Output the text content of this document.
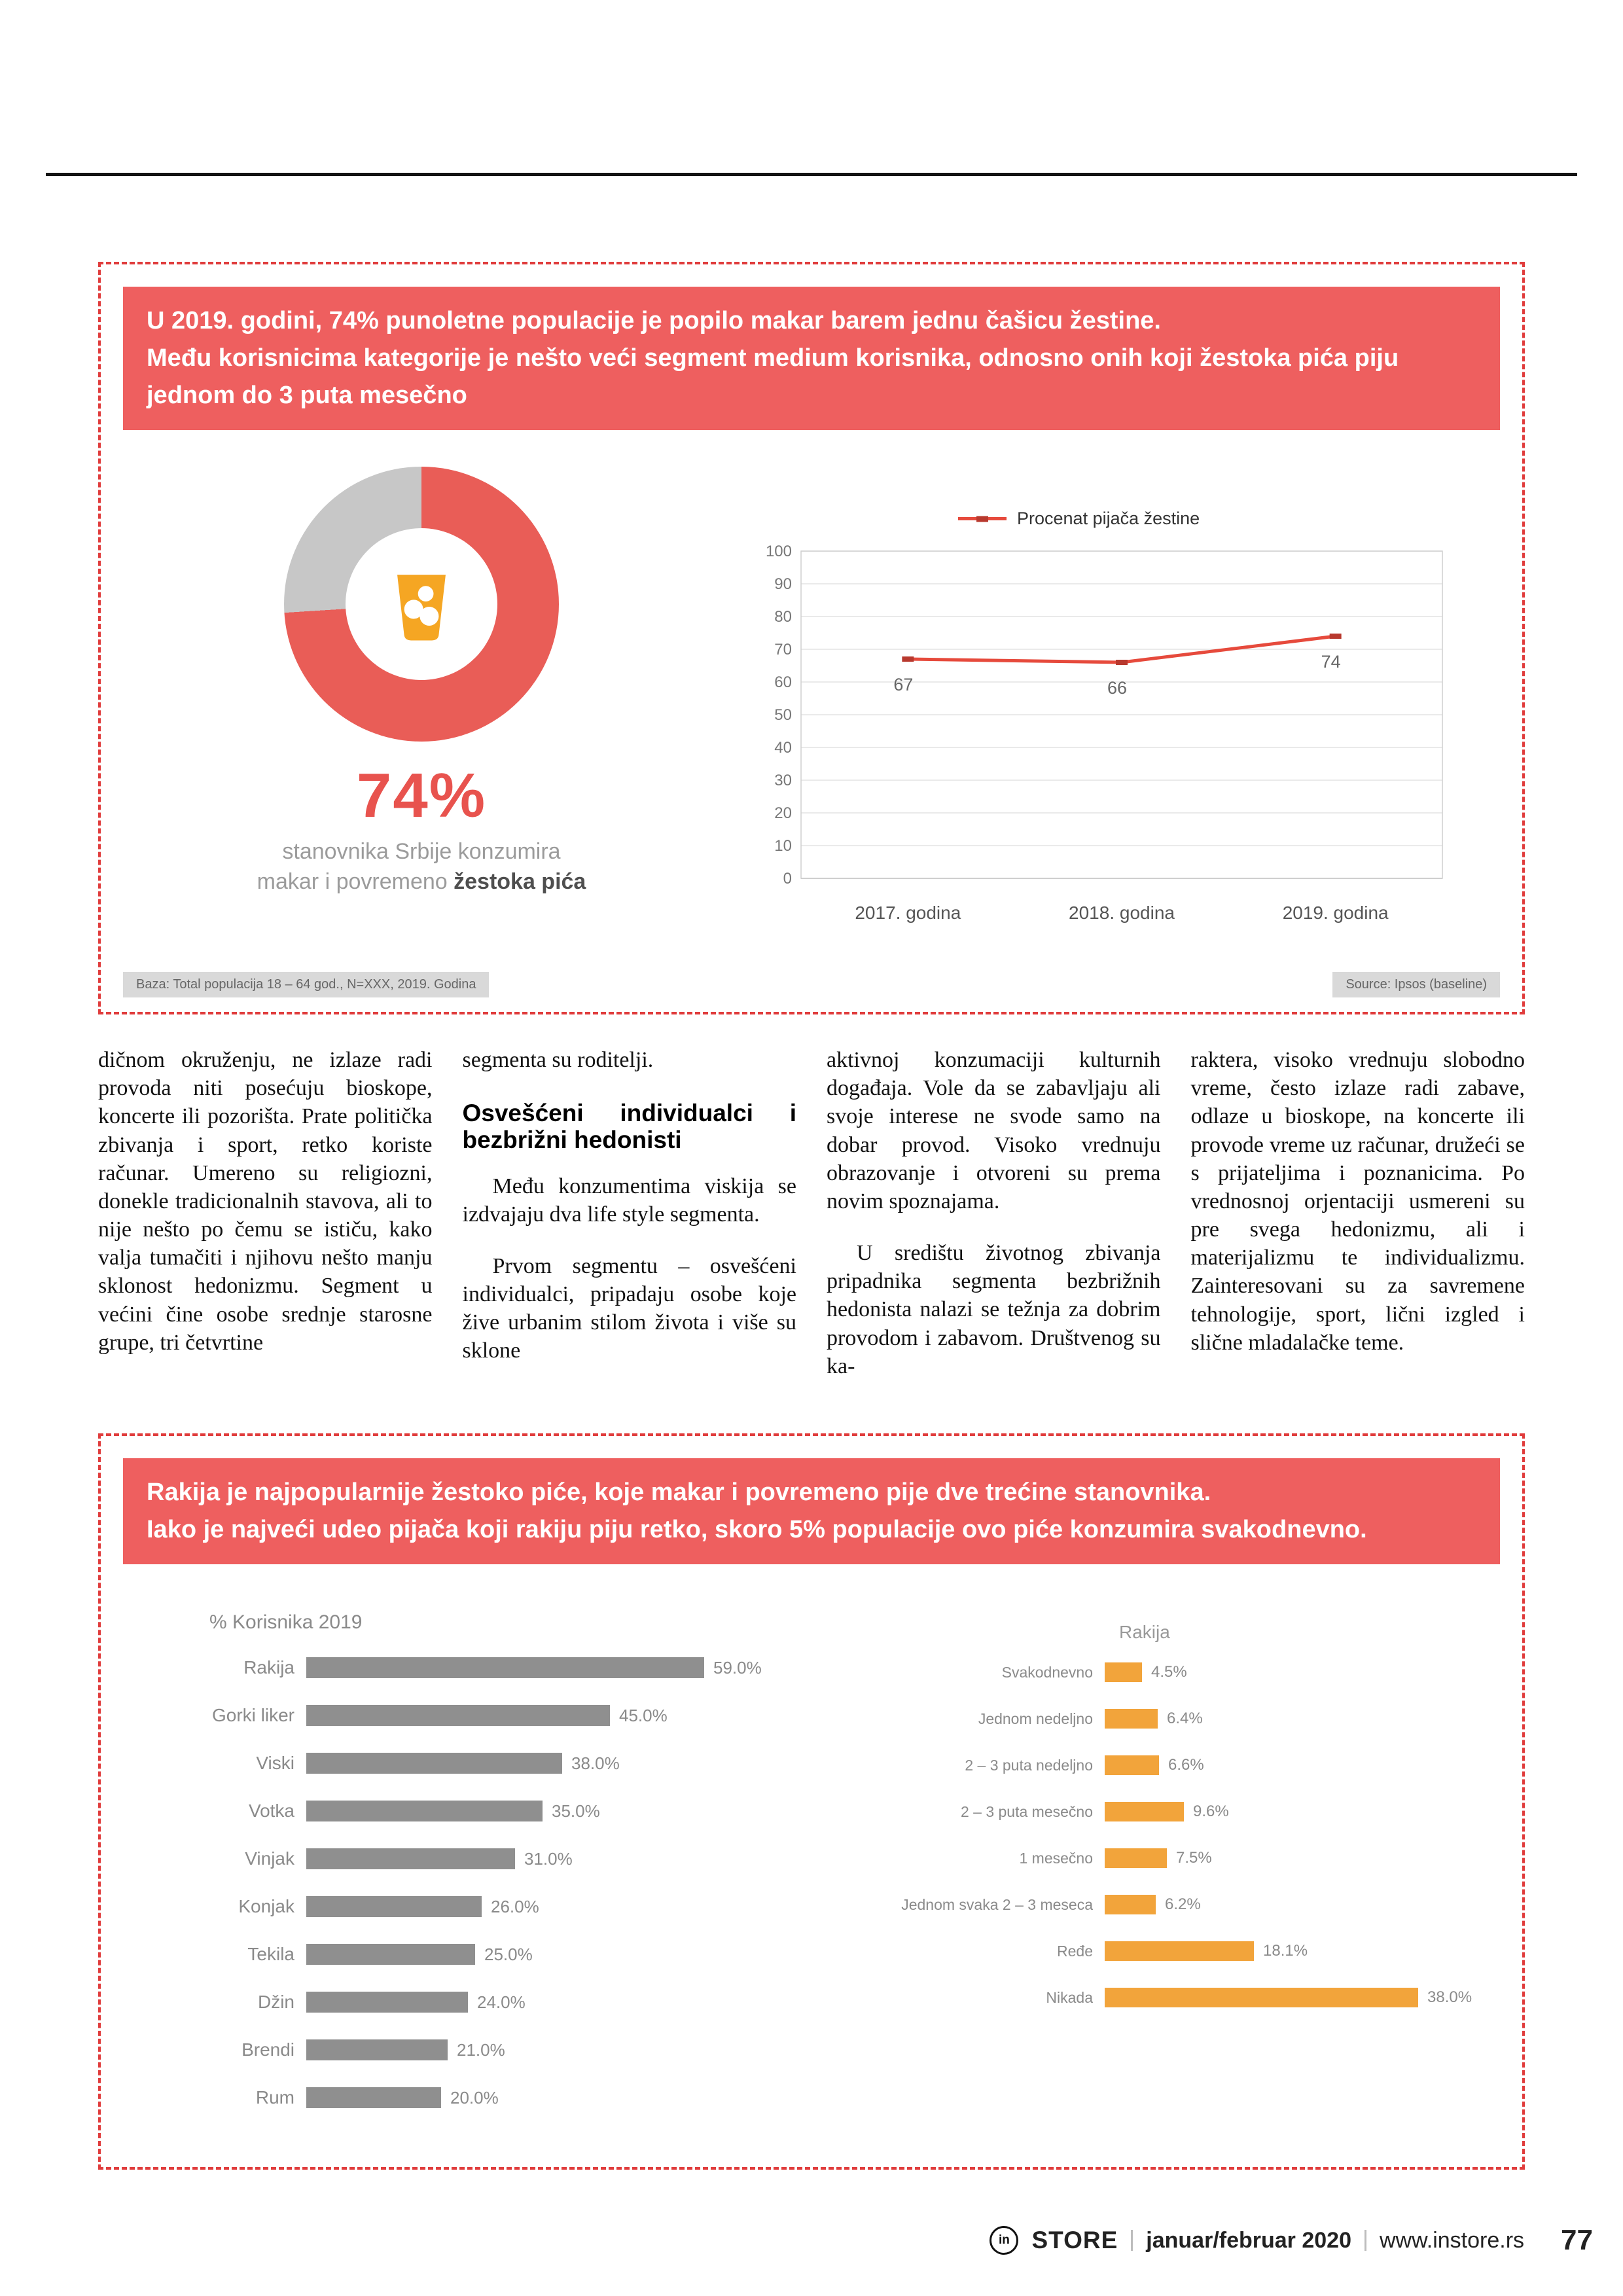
U 2019. godini, 74% punoletne populacije je popilo makar barem jednu čašicu žestine.
Među korisnicima kategorije je nešto veći segment medium korisnika, odnosno onih koji žestoka pića piju jednom do 3 puta mesečno
74%
stanovnika Srbije konzumira
makar i povremeno žestoka pića
Procenat pijača žestine
0
10
20
30
40
50
60
70
80
90
100
67
2017. godina
66
2018. godina
74
2019. godina
Baza: Total populacija 18 – 64 god., N=XXX, 2019. Godina	Source: Ipsos (baseline)

dičnom okruženju, ne izlaze radi provoda niti posećuju bioskope, koncerte ili pozorišta. Prate politička zbivanja i sport, retko koriste računar. Umereno su religiozni, donekle tradicionalnih stavova, ali to nije nešto po čemu se ističu, kako valja tumačiti i njihovu nešto manju sklonost hedonizmu. Segment u većini čine osobe srednje starosne grupe, tri četvrtine

segmenta su roditelji.

Osvešćeni individualci i bezbrižni hedonisti

Među konzumentima viskija se izdvajaju dva life style segmenta.

Prvom segmentu – osvešćeni individualci, pripadaju osobe koje žive urbanim stilom života i više su sklone

aktivnoj konzumaciji kulturnih događaja. Vole da se zabavljaju ali svoje interese ne svode samo na dobar provod. Visoko vrednuju obrazovanje i otvoreni su prema novim spoznajama.

U središtu životnog zbivanja pripadnika segmenta bezbrižnih hedonista nalazi se težnja za dobrim provodom i zabavom. Društvenog su ka-

raktera, visoko vrednuju slobodno vreme, često izlaze radi zabave, odlaze u bioskope, na koncerte ili provode vreme uz računar, družeći se s prijateljima i poznanicima. Po vrednosnoj orjentaciji usmereni su pre svega hedonizmu, ali i materijalizmu te individualizmu. Zainteresovani su za savremene tehnologije, sport, lični izgled i slične mladalačke teme.

Rakija je najpopularnije žestoko piće, koje makar i povremeno pije dve trećine stanovnika.
Iako je najveći udeo pijača koji rakiju piju retko, skoro 5% populacije ovo piće konzumira svakodnevno.
% Korisnika 2019
Rakija	59.0%
Gorki liker	45.0%
Viski	38.0%
Votka	35.0%
Vinjak	31.0%
Konjak	26.0%
Tekila	25.0%
Džin	24.0%
Brendi	21.0%
Rum	20.0%
Rakija
Svakodnevno	4.5%
Jednom nedeljno	6.4%
2 – 3 puta nedeljno	6.6%
2 – 3 puta mesečno	9.6%
1 mesečno	7.5%
Jednom svaka 2 – 3 meseca	6.2%
Ređe	18.1%
Nikada	38.0%
in STORE januar/februar 2020 www.instore.rs 77
